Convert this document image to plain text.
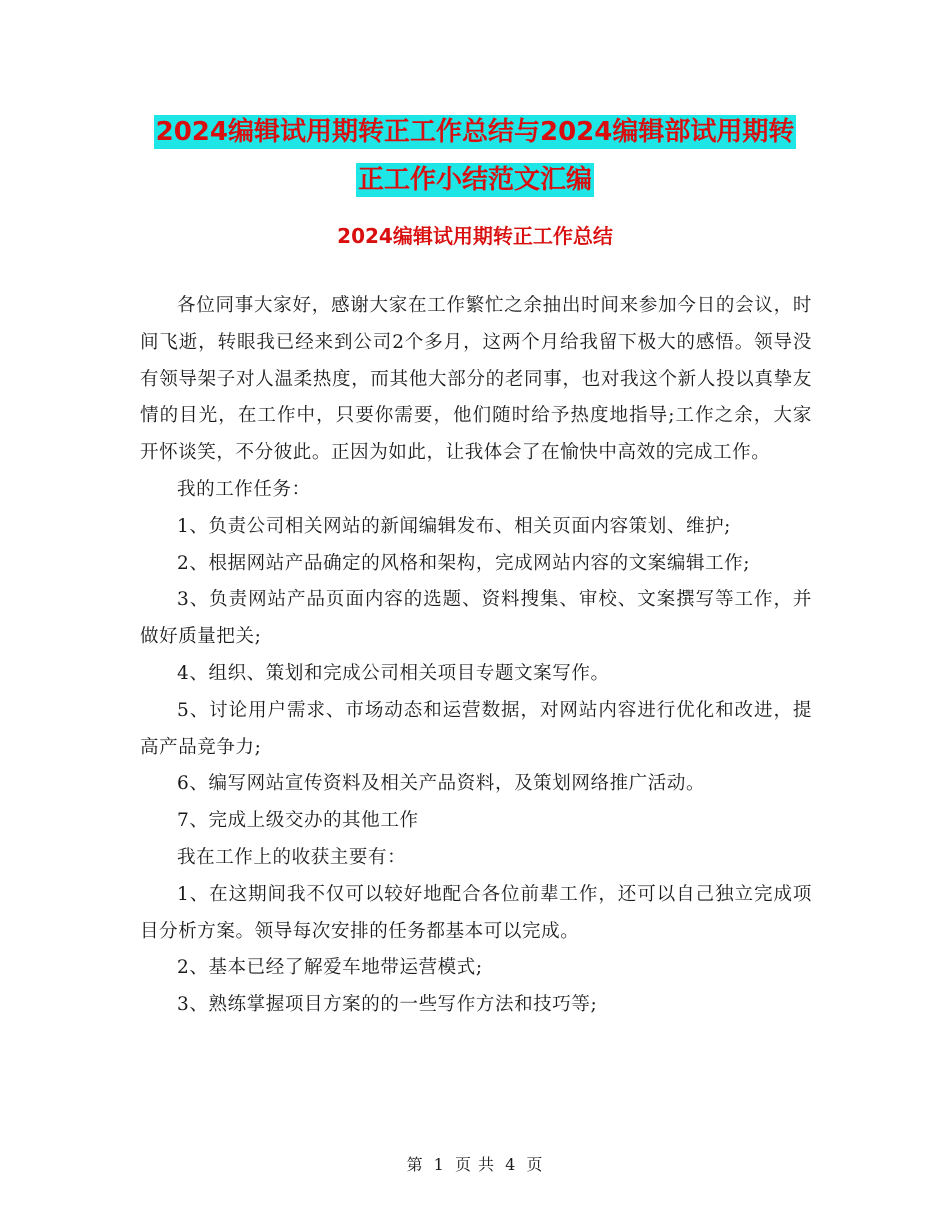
2024编辑试用期转正工作总结与2024编辑部试用期转
正工作小结范文汇编
2024编辑试用期转正工作总结

各位同事大家好，感谢大家在工作繁忙之余抽出时间来参加今日的会议，时间飞逝，转眼我已经来到公司2个多月，这两个月给我留下极大的感悟。领导没有领导架子对人温柔热度，而其他大部分的老同事，也对我这个新人投以真挚友情的目光，在工作中，只要你需要，他们随时给予热度地指导;工作之余，大家开怀谈笑，不分彼此。正因为如此，让我体会了在愉快中高效的完成工作。

我的工作任务：

1、负责公司相关网站的新闻编辑发布、相关页面内容策划、维护;

2、根据网站产品确定的风格和架构，完成网站内容的文案编辑工作;

3、负责网站产品页面内容的选题、资料搜集、审校、文案撰写等工作，并做好质量把关;

4、组织、策划和完成公司相关项目专题文案写作。

5、讨论用户需求、市场动态和运营数据，对网站内容进行优化和改进，提高产品竞争力;

6、编写网站宣传资料及相关产品资料，及策划网络推广活动。

7、完成上级交办的其他工作

我在工作上的收获主要有：

1、在这期间我不仅可以较好地配合各位前辈工作，还可以自己独立完成项目分析方案。领导每次安排的任务都基本可以完成。

2、基本已经了解爱车地带运营模式;

3、熟练掌握项目方案的的一些写作方法和技巧等;

第 1 页 共 4 页
